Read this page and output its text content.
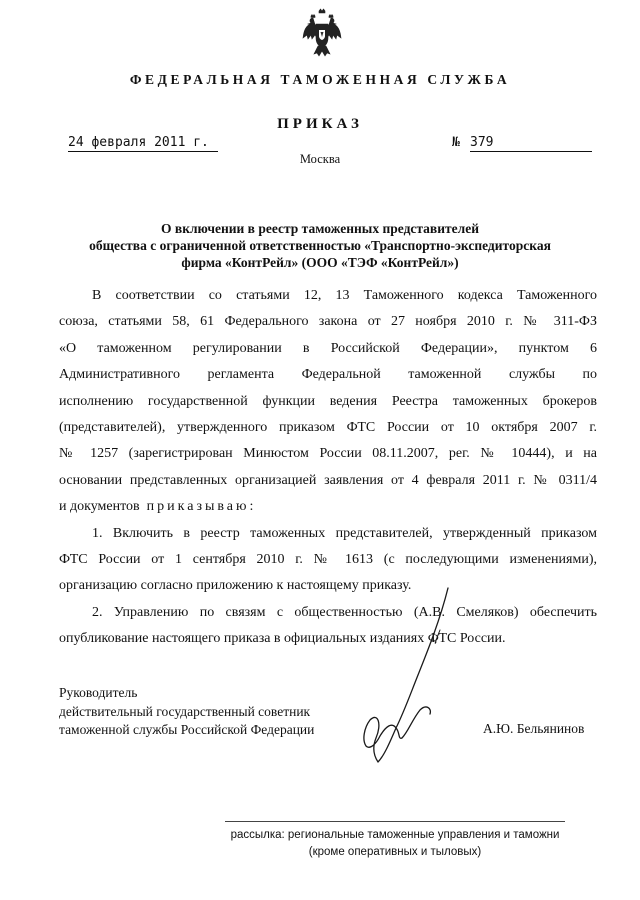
ФЕДЕРАЛЬНАЯ ТАМОЖЕННАЯ СЛУЖБА
ПРИКАЗ
24 февраля 2011 г.	№ 379
Москва
О включении в реестр таможенных представителей
общества с ограниченной ответственностью «Транспортно-экспедиторская
фирма «КонтРейл» (ООО «ТЭФ «КонтРейл»)
В соответствии со статьями 12, 13 Таможенного кодекса Таможенного
союза, статьями 58, 61 Федерального закона от 27 ноября 2010 г. № 311-ФЗ
«О таможенном регулировании в Российской Федерации», пунктом 6
Административного регламента Федеральной таможенной службы по
исполнению государственной функции ведения Реестра таможенных брокеров
(представителей), утвержденного приказом ФТС России от 10 октября 2007 г.
№ 1257 (зарегистрирован Минюстом России 08.11.2007, рег. № 10444), и на
основании представленных организацией заявления от 4 февраля 2011 г. № 0311/4
и документов приказываю:
1. Включить в реестр таможенных представителей, утвержденный приказом
ФТС России от 1 сентября 2010 г. № 1613 (с последующими изменениями),
организацию согласно приложению к настоящему приказу.
2. Управлению по связям с общественностью (А.В. Смеляков) обеспечить
опубликование настоящего приказа в официальных изданиях ФТС России.
Руководитель
действительный государственный советник
таможенной службы Российской Федерации	А.Ю. Бельянинов
рассылка: региональные таможенные управления и таможни
(кроме оперативных и тыловых)
